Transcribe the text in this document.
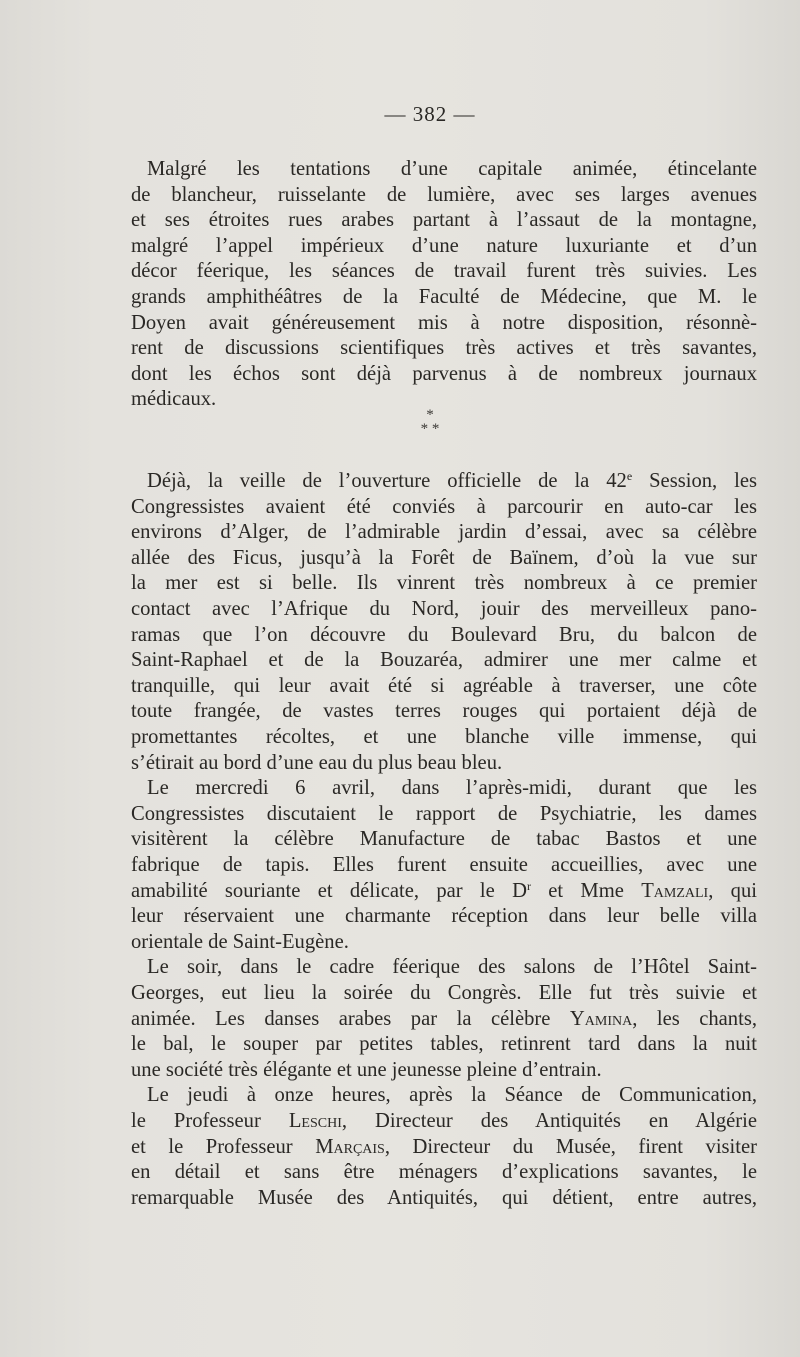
— 382 —
Malgré les tentations d’une capitale animée, étincelante
de blancheur, ruisselante de lumière, avec ses larges avenues
et ses étroites rues arabes partant à l’assaut de la montagne,
malgré l’appel impérieux d’une nature luxuriante et d’un
décor féerique, les séances de travail furent très suivies. Les
grands amphithéâtres de la Faculté de Médecine, que M. le
Doyen avait généreusement mis à notre disposition, résonnè-
rent de discussions scientifiques très actives et très savantes,
dont les échos sont déjà parvenus à de nombreux journaux
médicaux.
Déjà, la veille de l’ouverture officielle de la 42e Session, les
Congressistes avaient été conviés à parcourir en auto-car les
environs d’Alger, de l’admirable jardin d’essai, avec sa célèbre
allée des Ficus, jusqu’à la Forêt de Baïnem, d’où la vue sur
la mer est si belle. Ils vinrent très nombreux à ce premier
contact avec l’Afrique du Nord, jouir des merveilleux pano-
ramas que l’on découvre du Boulevard Bru, du balcon de
Saint-Raphael et de la Bouzaréa, admirer une mer calme et
tranquille, qui leur avait été si agréable à traverser, une côte
toute frangée, de vastes terres rouges qui portaient déjà de
promettantes récoltes, et une blanche ville immense, qui
s’étirait au bord d’une eau du plus beau bleu.
Le mercredi 6 avril, dans l’après-midi, durant que les
Congressistes discutaient le rapport de Psychiatrie, les dames
visitèrent la célèbre Manufacture de tabac Bastos et une
fabrique de tapis. Elles furent ensuite accueillies, avec une
amabilité souriante et délicate, par le $D^r$ et Mme Tamzali, qui
leur réservaient une charmante réception dans leur belle villa
orientale de Saint-Eugène.
Le soir, dans le cadre féerique des salons de l’Hôtel Saint-
Georges, eut lieu la soirée du Congrès. Elle fut très suivie et
animée. Les danses arabes par la célèbre Yamina, les chants,
le bal, le souper par petites tables, retinrent tard dans la nuit
une société très élégante et une jeunesse pleine d’entrain.
Le jeudi à onze heures, après la Séance de Communication,
le Professeur Leschi, Directeur des Antiquités en Algérie
et le Professeur Marçais, Directeur du Musée, firent visiter
en détail et sans être ménagers d’explications savantes, le
remarquable Musée des Antiquités, qui détient, entre autres,
*
* *
